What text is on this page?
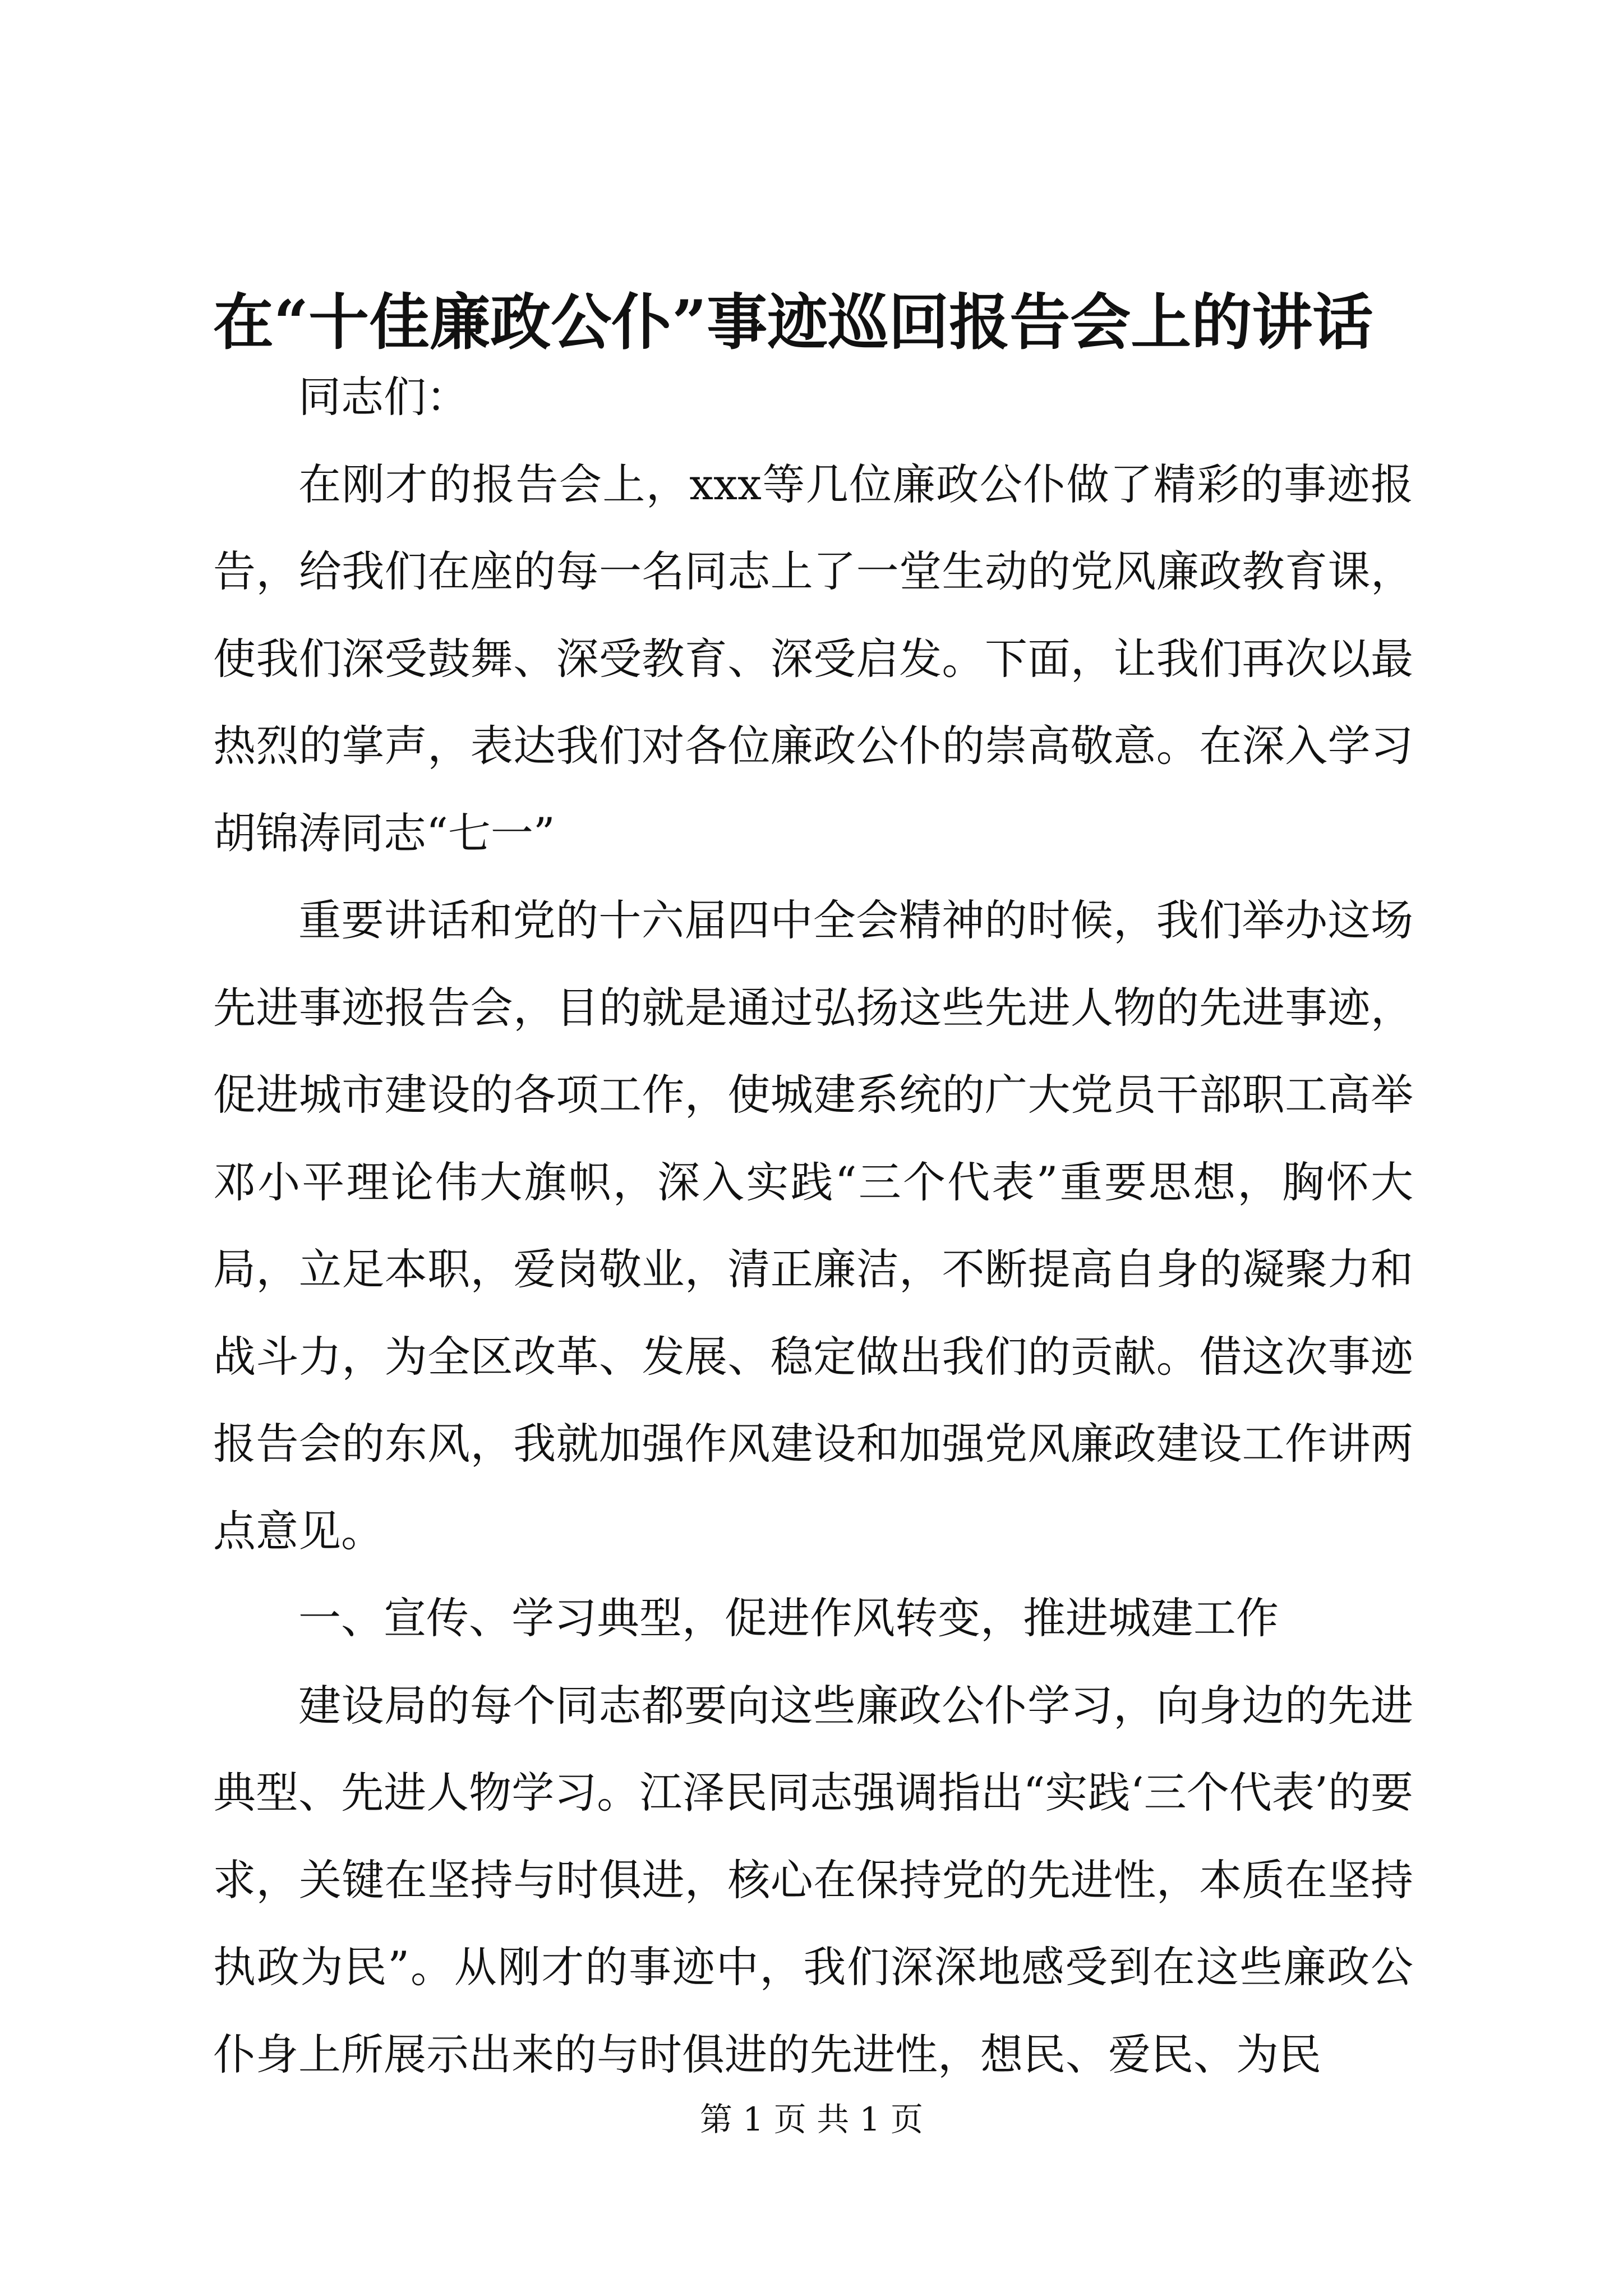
在“十佳廉政公仆”事迹巡回报告会上的讲话

同志们：

在刚才的报告会上，xxx等几位廉政公仆做了精彩的事迹报告，给我们在座的每一名同志上了一堂生动的党风廉政教育课，使我们深受鼓舞、深受教育、深受启发。下面，让我们再次以最热烈的掌声，表达我们对各位廉政公仆的崇高敬意。在深入学习胡锦涛同志“七一”

重要讲话和党的十六届四中全会精神的时候，我们举办这场先进事迹报告会，目的就是通过弘扬这些先进人物的先进事迹，促进城市建设的各项工作，使城建系统的广大党员干部职工高举邓小平理论伟大旗帜，深入实践“三个代表”重要思想，胸怀大局，立足本职，爱岗敬业，清正廉洁，不断提高自身的凝聚力和战斗力，为全区改革、发展、稳定做出我们的贡献。借这次事迹报告会的东风，我就加强作风建设和加强党风廉政建设工作讲两点意见。

一、宣传、学习典型，促进作风转变，推进城建工作

建设局的每个同志都要向这些廉政公仆学习，向身边的先进典型、先进人物学习。江泽民同志强调指出“实践‘三个代表’的要求，关键在坚持与时俱进，核心在保持党的先进性，本质在坚持执政为民”。从刚才的事迹中，我们深深地感受到在这些廉政公仆身上所展示出来的与时俱进的先进性，想民、爱民、为民

第 1 页 共 1 页
